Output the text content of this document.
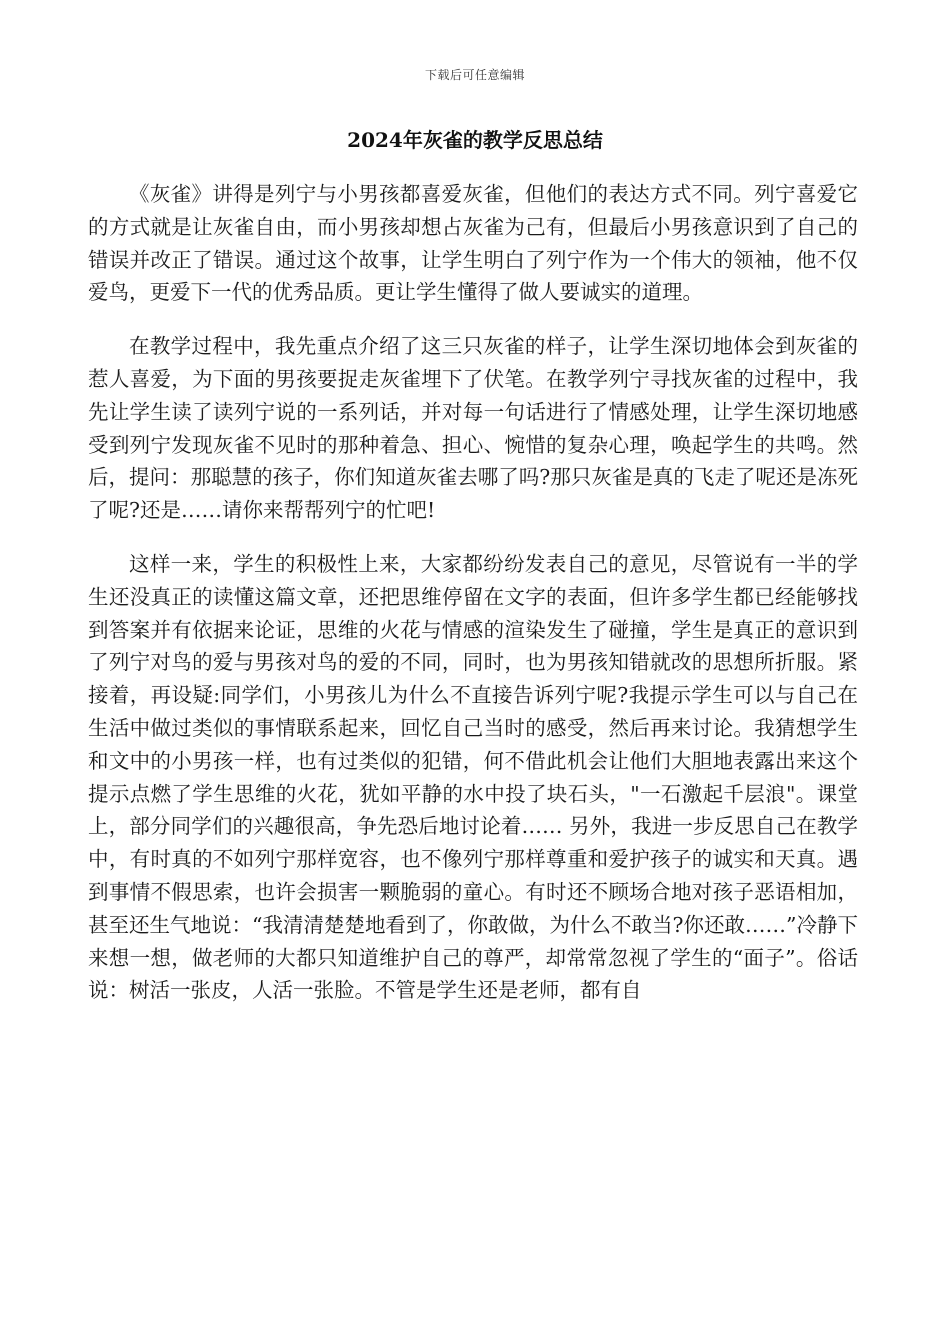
下载后可任意编辑
2024年灰雀的教学反思总结

《灰雀》讲得是列宁与小男孩都喜爱灰雀，但他们的表达方式不同。列宁喜爱它的方式就是让灰雀自由，而小男孩却想占灰雀为己有，但最后小男孩意识到了自己的错误并改正了错误。通过这个故事，让学生明白了列宁作为一个伟大的领袖，他不仅爱鸟，更爱下一代的优秀品质。更让学生懂得了做人要诚实的道理。

在教学过程中，我先重点介绍了这三只灰雀的样子，让学生深切地体会到灰雀的惹人喜爱，为下面的男孩要捉走灰雀埋下了伏笔。在教学列宁寻找灰雀的过程中，我先让学生读了读列宁说的一系列话，并对每一句话进行了情感处理，让学生深切地感受到列宁发现灰雀不见时的那种着急、担心、惋惜的复杂心理，唤起学生的共鸣。然后，提问：那聪慧的孩子，你们知道灰雀去哪了吗?那只灰雀是真的飞走了呢还是冻死了呢?还是……请你来帮帮列宁的忙吧!

这样一来，学生的积极性上来，大家都纷纷发表自己的意见，尽管说有一半的学生还没真正的读懂这篇文章，还把思维停留在文字的表面，但许多学生都已经能够找到答案并有依据来论证，思维的火花与情感的渲染发生了碰撞，学生是真正的意识到了列宁对鸟的爱与男孩对鸟的爱的不同，同时，也为男孩知错就改的思想所折服。紧接着，再设疑:同学们，小男孩儿为什么不直接告诉列宁呢?我提示学生可以与自己在生活中做过类似的事情联系起来，回忆自己当时的感受，然后再来讨论。我猜想学生和文中的小男孩一样，也有过类似的犯错，何不借此机会让他们大胆地表露出来这个提示点燃了学生思维的火花，犹如平静的水中投了块石头，"一石激起千层浪"。课堂上，部分同学们的兴趣很高，争先恐后地讨论着…… 另外，我进一步反思自己在教学中，有时真的不如列宁那样宽容，也不像列宁那样尊重和爱护孩子的诚实和天真。遇到事情不假思索，也许会损害一颗脆弱的童心。有时还不顾场合地对孩子恶语相加，甚至还生气地说：“我清清楚楚地看到了，你敢做，为什么不敢当?你还敢……”冷静下来想一想，做老师的大都只知道维护自己的尊严，却常常忽视了学生的“面子”。俗话说：树活一张皮，人活一张脸。不管是学生还是老师，都有自
